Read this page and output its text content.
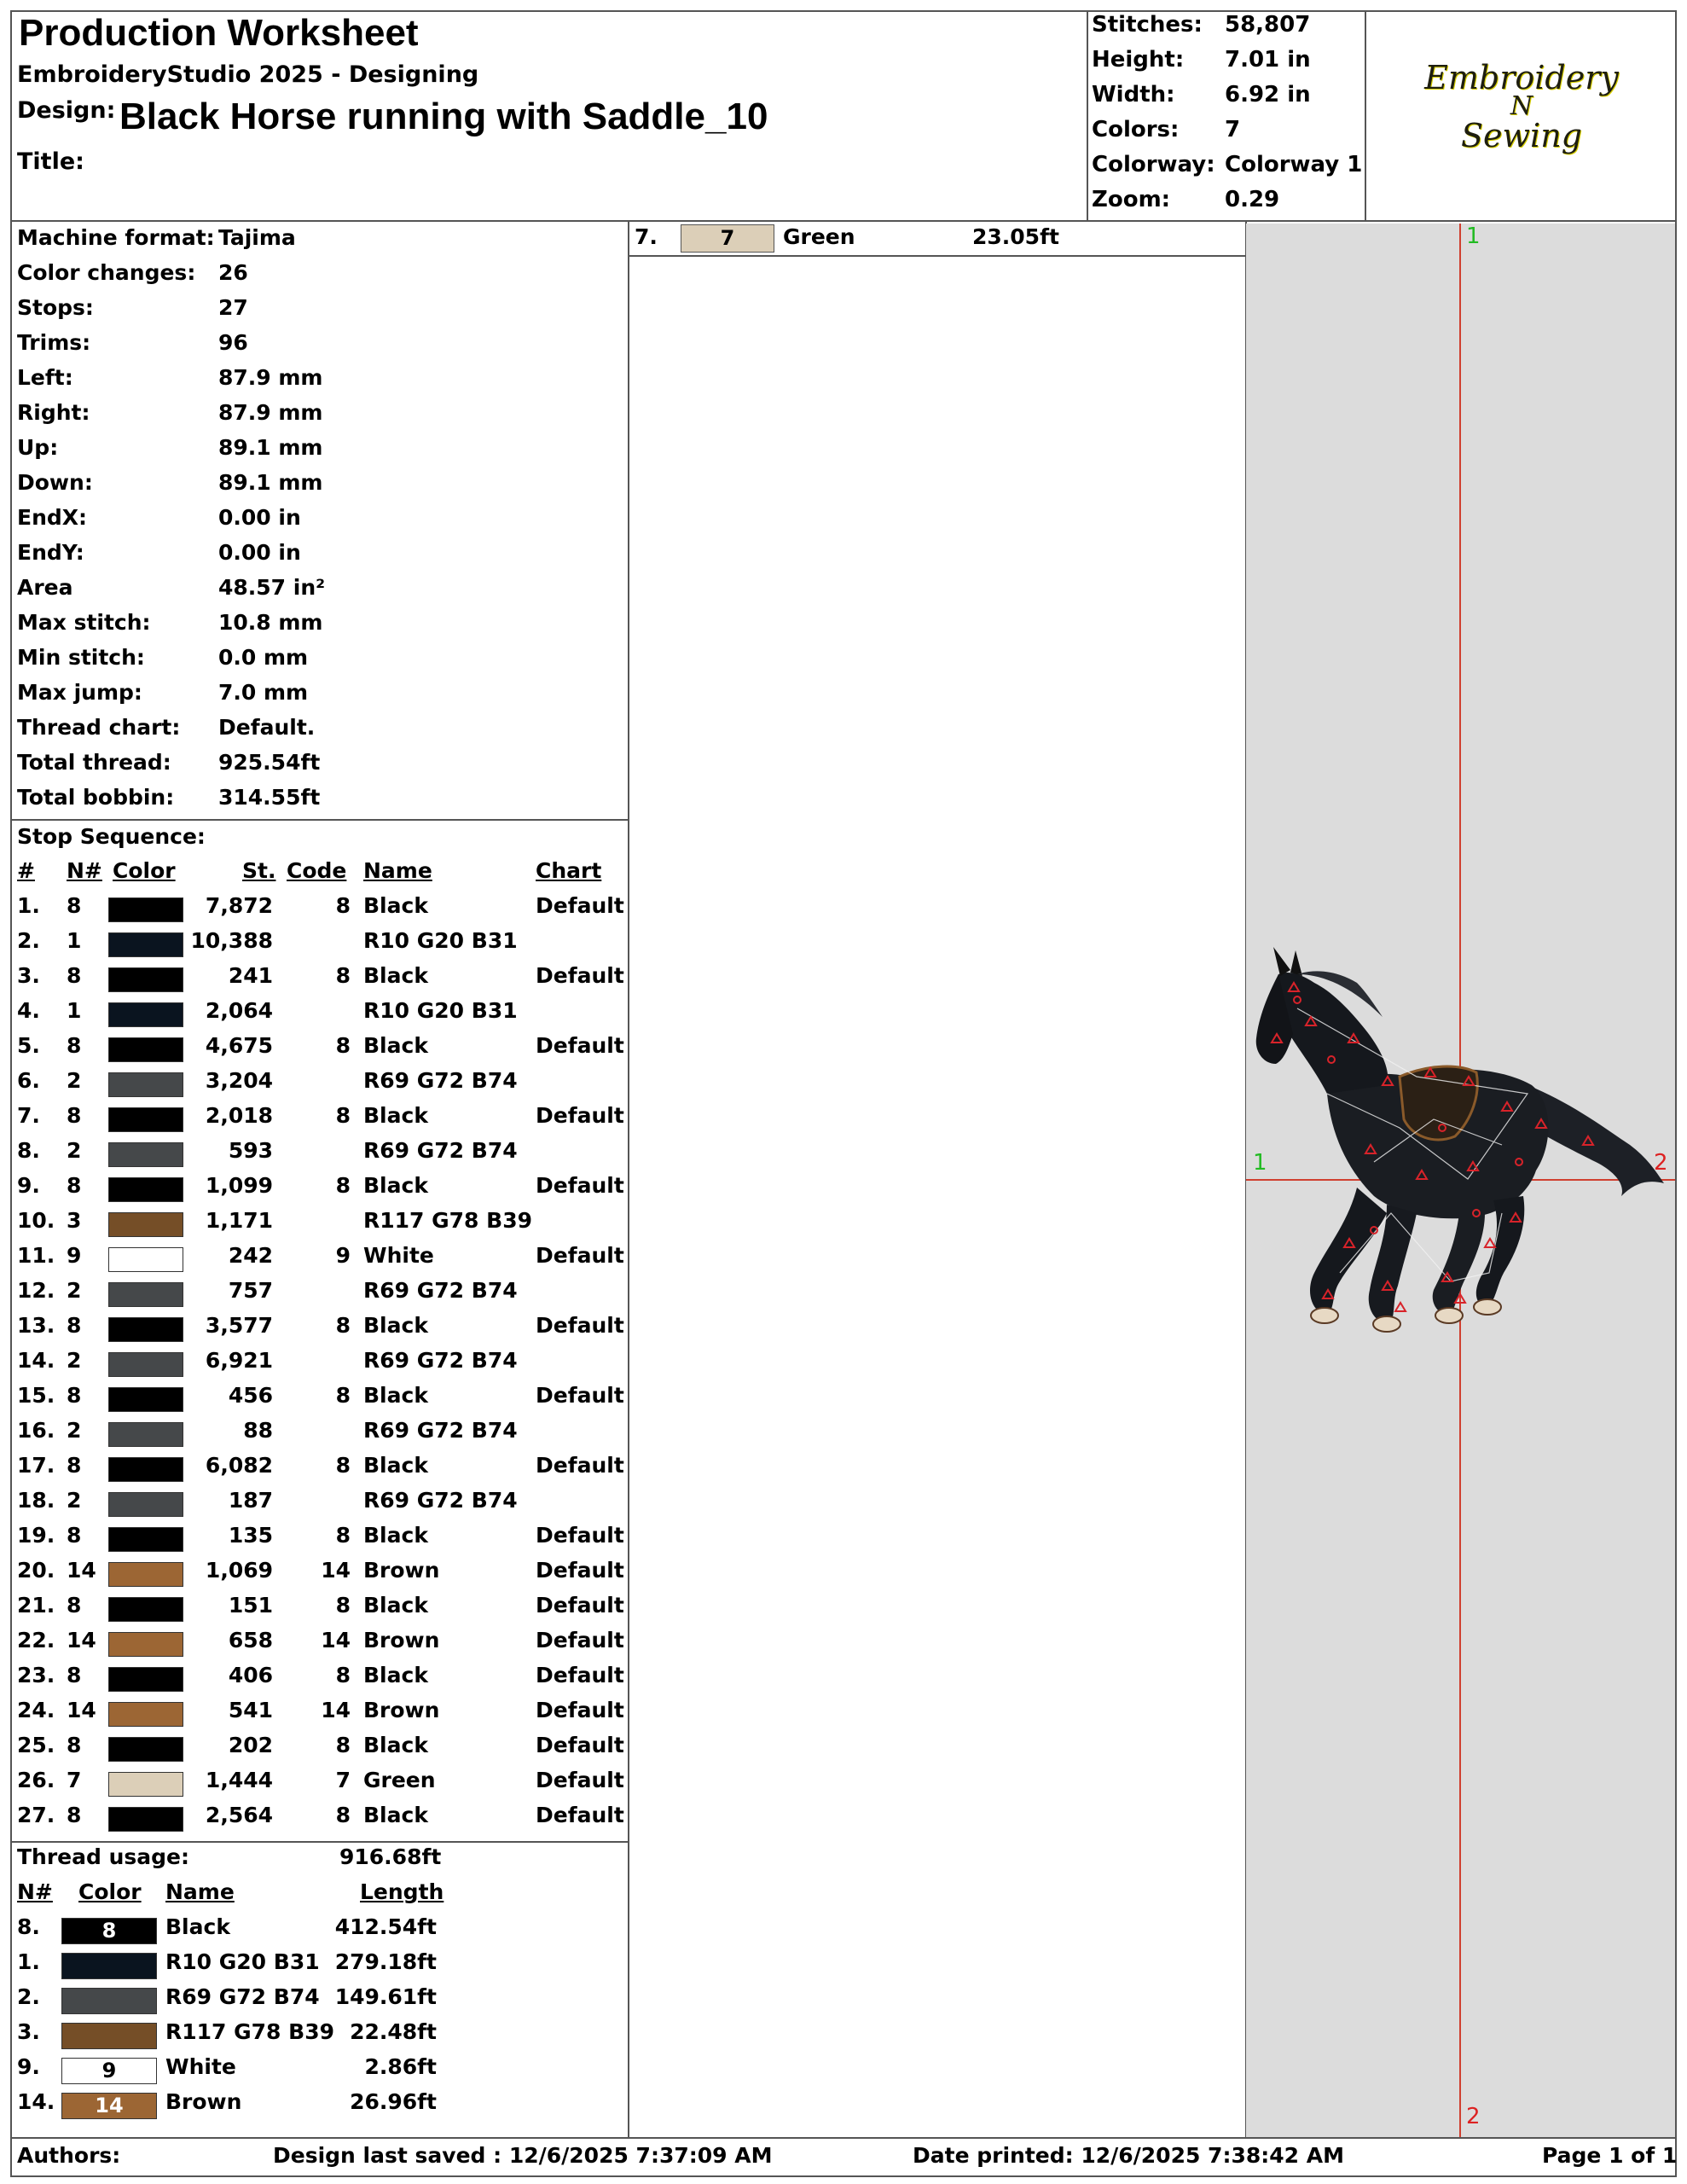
Production Worksheet
EmbroideryStudio 2025 - Designing
Design: Black Horse running with Saddle_10
Title:
Stitches: 58,807
Height: 7.01 in
Width: 6.92 in
Colors: 7
Colorway: Colorway 1
Zoom: 0.29
Embroidery
N
Sewing
Machine format: Tajima
Color changes: 26
Stops:	27
Trims:	96
Left:	87.9 mm
Right:	87.9 mm
Up:	89.1 mm
Down:	89.1 mm
EndX:	0.00 in
EndY:	0.00 in
Area	48.57 in²
Max stitch:	10.8 mm
Min stitch:	0.0 mm
Max jump:	7.0 mm
Thread chart: Default.
Total thread: 925.54ft
Total bobbin: 314.55ft
Stop Sequence:
# N# Color	St. Code Name	Chart
1. 8	7,872	8 Black	Default
2. 1	10,388	R10 G20 B31
3. 8	241	8 Black	Default
4. 1	2,064	R10 G20 B31
5. 8	4,675	8 Black	Default
6. 2	3,204	R69 G72 B74
7. 8	2,018	8 Black	Default
8. 2	593	R69 G72 B74
9. 8	1,099	8 Black	Default
10. 3	1,171	R117 G78 B39
11. 9	242	9 White	Default
12. 2	757	R69 G72 B74
13. 8	3,577	8 Black	Default
14. 2	6,921	R69 G72 B74
15. 8	456	8 Black	Default
16. 2	88	R69 G72 B74
17. 8	6,082	8 Black	Default
18. 2	187	R69 G72 B74
19. 8	135	8 Black	Default
20. 14	1,069 14 Brown	Default
21. 8	151	8 Black	Default
22. 14	658 14 Brown	Default
23. 8	406	8 Black	Default
24. 14	541 14 Brown	Default
25. 8	202	8 Black	Default
26. 7	1,444	7 Green	Default
27. 8	2,564	8 Black	Default
Thread usage:	916.68ft
N# Color Name	Length
8.	8	Black	412.54ft
1.	R10 G20 B31 279.18ft
2.	R69 G72 B74 149.61ft
3.	R117 G78 B39 22.48ft
9.	9	White	2.86ft
14.	14	Brown	26.96ft
7.	7	Green	23.05ft	1
1	2
2
Authors:	Design last saved : 12/6/2025 7:37:09 AM	Date printed: 12/6/2025 7:38:42 AM	Page 1 of 1
